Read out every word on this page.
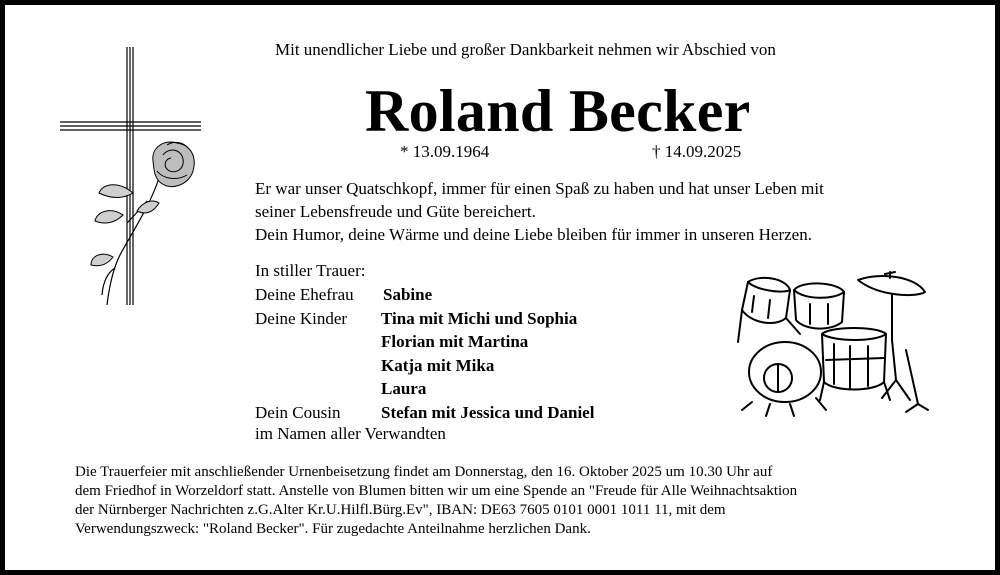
Mit unendlicher Liebe und großer Dankbarkeit nehmen wir Abschied von

Roland Becker

* 13.09.1964	† 14.09.2025

Er war unser Quatschkopf, immer für einen Spaß zu haben und hat unser Leben mit
seiner Lebensfreude und Güte bereichert.
Dein Humor, deine Wärme und deine Liebe bleiben für immer in unseren Herzen.

In stiller Trauer:

Deine Ehefrau Sabine
Deine Kinder Tina mit Michi und Sophia
Florian mit Martina
Katja mit Mika
Laura
Dein Cousin Stefan mit Jessica und Daniel

im Namen aller Verwandten

Die Trauerfeier mit anschließender Urnenbeisetzung findet am Donnerstag, den 16. Oktober 2025 um 10.30 Uhr auf
dem Friedhof in Worzeldorf statt. Anstelle von Blumen bitten wir um eine Spende an "Freude für Alle Weihnachtsaktion
der Nürnberger Nachrichten z.G.Alter Kr.U.Hilfl.Bürg.Ev", IBAN: DE63 7605 0101 0001 1011 11, mit dem
Verwendungszweck: "Roland Becker". Für zugedachte Anteilnahme herzlichen Dank.
